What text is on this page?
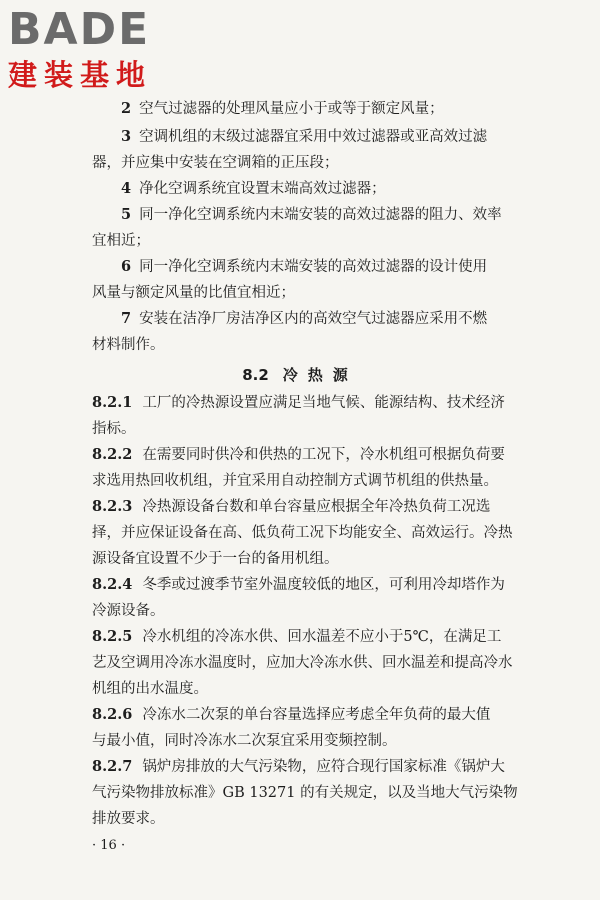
BADE
建装基地
2 空气过滤器的处理风量应小于或等于额定风量；
3 空调机组的末级过滤器宜采用中效过滤器或亚高效过滤
器，并应集中安装在空调箱的正压段；
4 净化空调系统宜设置末端高效过滤器；
5 同一净化空调系统内末端安装的高效过滤器的阻力、效率
宜相近；
6 同一净化空调系统内末端安装的高效过滤器的设计使用
风量与额定风量的比值宜相近；
7 安装在洁净厂房洁净区内的高效空气过滤器应采用不燃
材料制作。
8.2 冷热源
8.2.1 工厂的冷热源设置应满足当地气候、能源结构、技术经济
指标。
8.2.2 在需要同时供冷和供热的工况下，冷水机组可根据负荷要
求选用热回收机组，并宜采用自动控制方式调节机组的供热量。
8.2.3 冷热源设备台数和单台容量应根据全年冷热负荷工况选
择，并应保证设备在高、低负荷工况下均能安全、高效运行。冷热
源设备宜设置不少于一台的备用机组。
8.2.4 冬季或过渡季节室外温度较低的地区，可利用冷却塔作为
冷源设备。
8.2.5 冷水机组的冷冻水供、回水温差不应小于5℃，在满足工
艺及空调用冷冻水温度时，应加大冷冻水供、回水温差和提高冷水
机组的出水温度。
8.2.6 冷冻水二次泵的单台容量选择应考虑全年负荷的最大值
与最小值，同时冷冻水二次泵宜采用变频控制。
8.2.7 锅炉房排放的大气污染物，应符合现行国家标准《锅炉大
气污染物排放标准》GB 13271 的有关规定，以及当地大气污染物
排放要求。
· 16 ·
